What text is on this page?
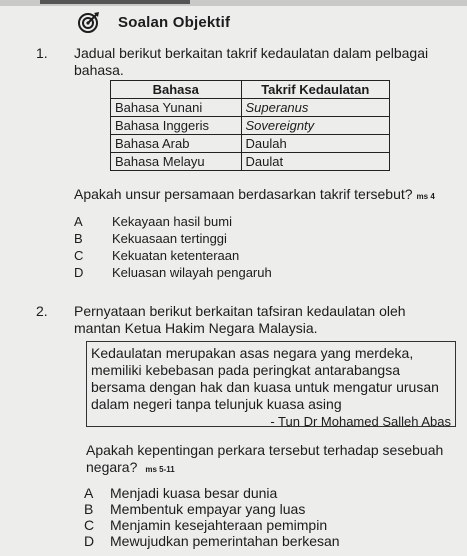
Soalan Objektif
1. Jadual berikut berkaitan takrif kedaulatan dalam pelbagai
bahasa.
Bahasa	Takrif Kedaulatan
Bahasa Yunani	Superanus
Bahasa Inggeris	Sovereignty
Bahasa Arab	Daulah
Bahasa Melayu	Daulat
Apakah unsur persamaan berdasarkan takrif tersebut? ms 4
A	Kekayaan hasil bumi
B	Kekuasaan tertinggi
C	Kekuatan ketenteraan
D	Keluasan wilayah pengaruh
2. Pernyataan berikut berkaitan tafsiran kedaulatan oleh
mantan Ketua Hakim Negara Malaysia.
Kedaulatan merupakan asas negara yang merdeka,
memiliki kebebasan pada peringkat antarabangsa
bersama dengan hak dan kuasa untuk mengatur urusan
dalam negeri tanpa telunjuk kuasa asing
- Tun Dr Mohamed Salleh Abas
Apakah kepentingan perkara tersebut terhadap sesebuah
negara? ms 5-11
A	Menjadi kuasa besar dunia
B	Membentuk empayar yang luas
C	Menjamin kesejahteraan pemimpin
D	Mewujudkan pemerintahan berkesan
